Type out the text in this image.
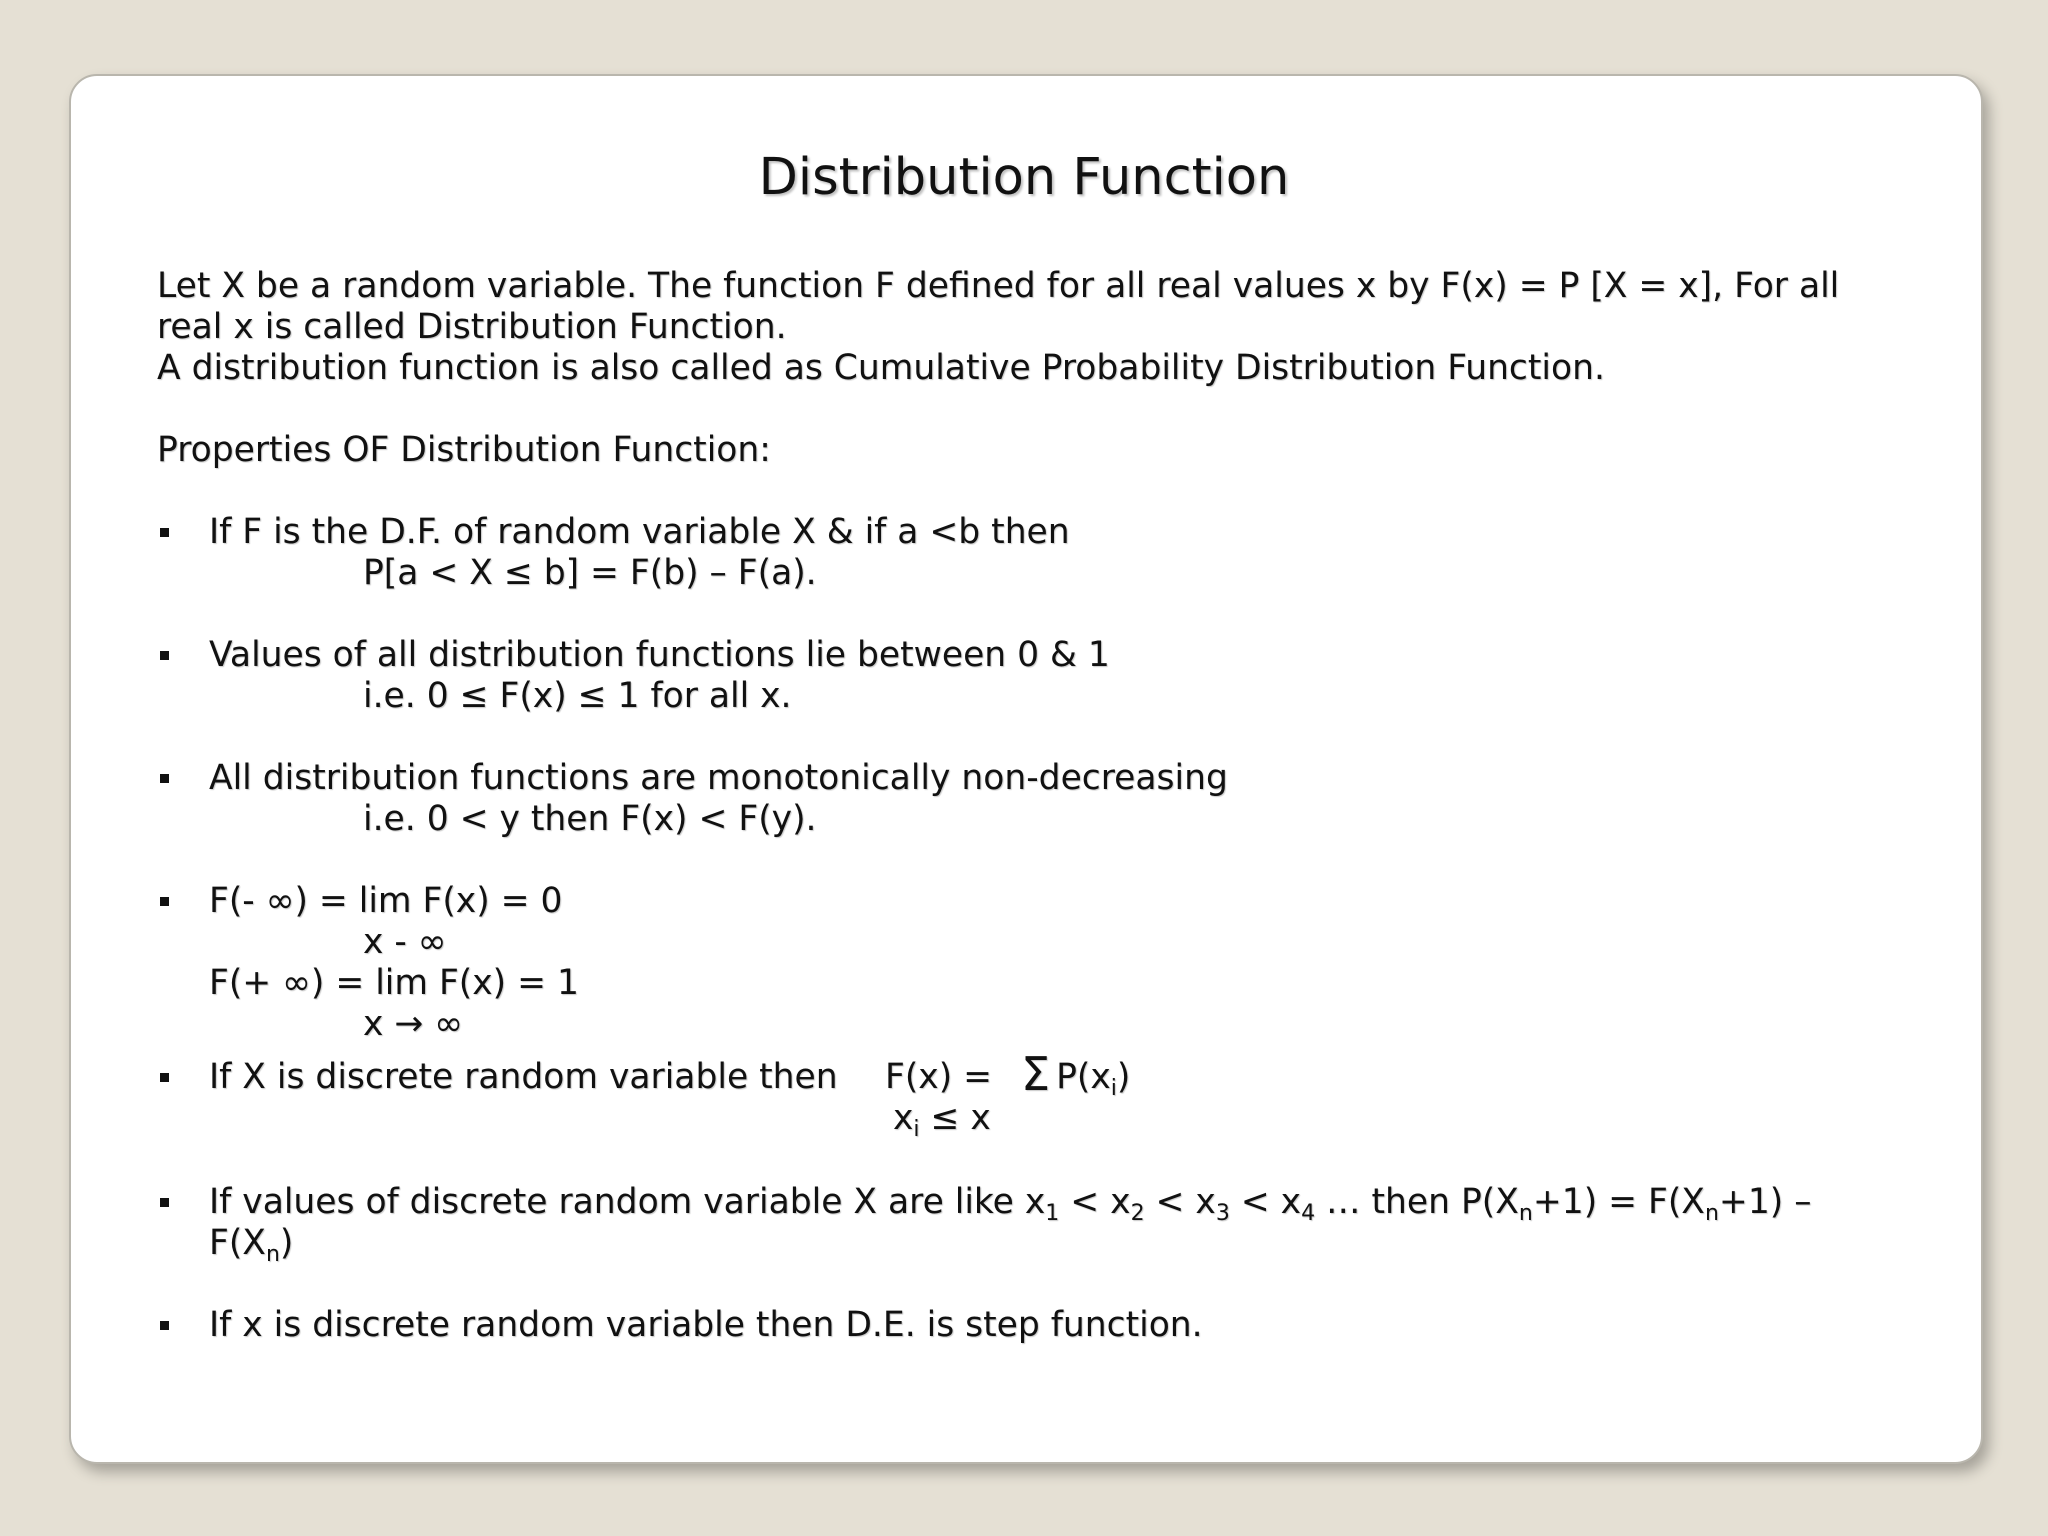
Distribution Function
Let X be a random variable. The function F defined for all real values x by F(x) = P [X = x], For all
real x is called Distribution Function.
A distribution function is also called as Cumulative Probability Distribution Function.
Properties OF Distribution Function:
If F is the D.F. of random variable X & if a <b then
P[a < X ≤ b] = F(b) – F(a).
Values of all distribution functions lie between 0 & 1
i.e. 0 ≤ F(x) ≤ 1 for all x.
All distribution functions are monotonically non-decreasing
i.e. 0 < y then F(x) < F(y).
F(- ∞) = lim F(x) = 0
x - ∞
F(+ ∞) = lim F(x) = 1
x → ∞
If X is discrete random variable then F(x) = Σ $P(x_i)$
$x_i \le x$
If values of discrete random variable X are like $x_1 < x_2 < x_3 < x_4$ … then $P(X_n+1) = F(X_n+1)$ –
$F(X_n)$
If x is discrete random variable then D.E. is step function.
